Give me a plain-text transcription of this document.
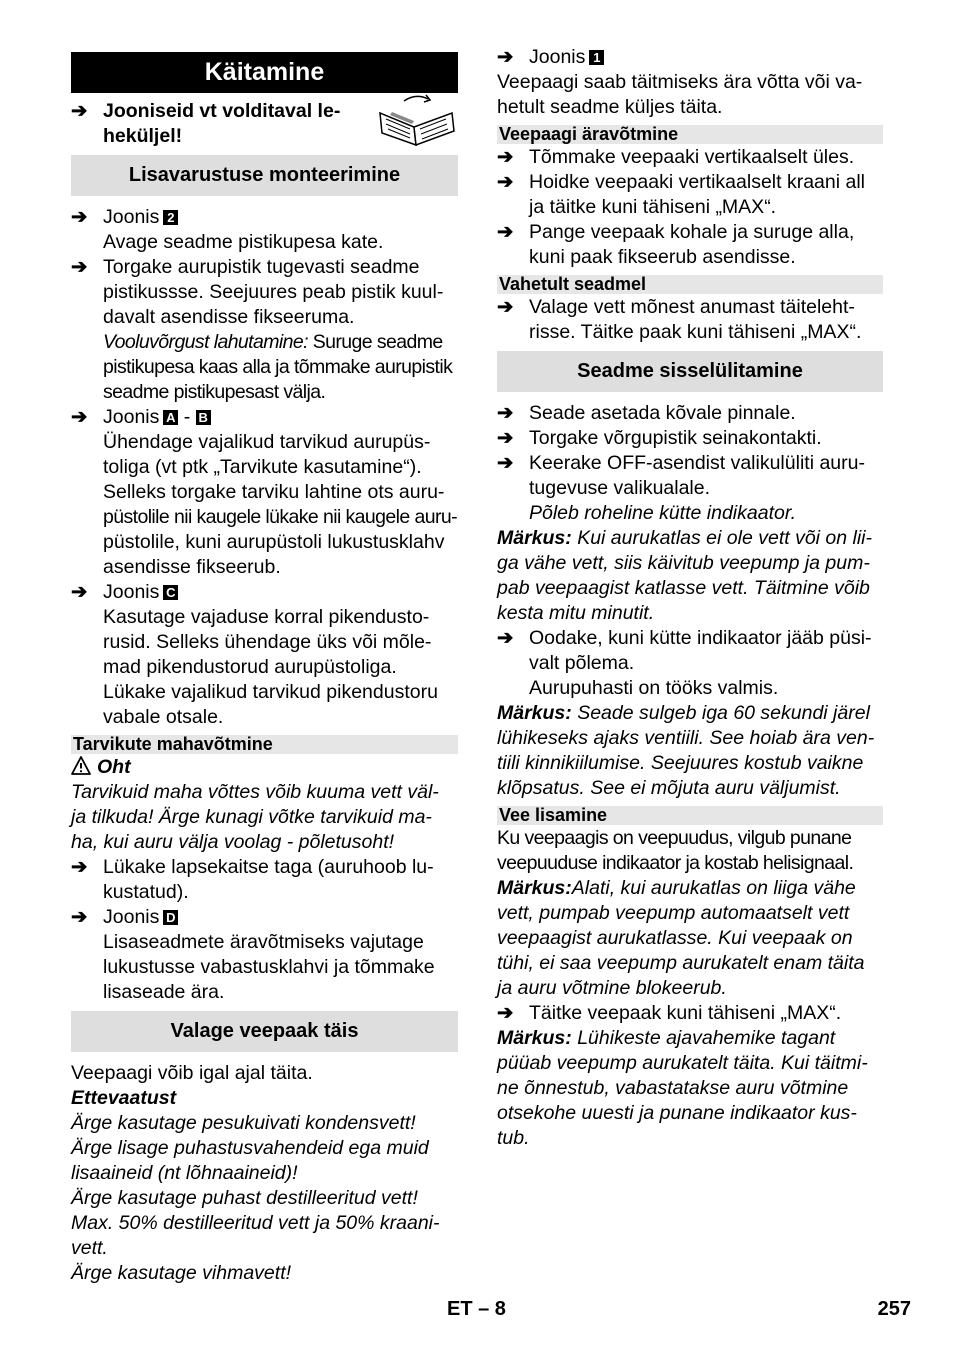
Käitamine
➔ Jooniseid vt volditaval le-
heküljel!
Lisavarustuse monteerimine
➔ Joonis 2
Avage seadme pistikupesa kate.
➔ Torgake aurupistik tugevasti seadme
pistikussse. Seejuures peab pistik kuul-
davalt asendisse fikseeruma.
Vooluvõrgust lahutamine: Suruge seadme
pistikupesa kaas alla ja tõmmake aurupistik
seadme pistikupesast välja.
➔ Joonis A - B
Ühendage vajalikud tarvikud aurupüs-
toliga (vt ptk „Tarvikute kasutamine“).
Selleks torgake tarviku lahtine ots auru-
püstolile nii kaugele lükake nii kaugele auru-
püstolile, kuni aurupüstoli lukustusklahv
asendisse fikseerub.
➔ Joonis C
Kasutage vajaduse korral pikendusto-
rusid. Selleks ühendage üks või mõle-
mad pikendustorud aurupüstoliga.
Lükake vajalikud tarvikud pikendustoru
vabale otsale.
Tarvikute mahavõtmine
Oht
Tarvikuid maha võttes võib kuuma vett väl-
ja tilkuda! Ärge kunagi võtke tarvikuid ma-
ha, kui auru välja voolag - põletusoht!
➔ Lükake lapsekaitse taga (auruhoob lu-
kustatud).
➔ Joonis D
Lisaseadmete äravõtmiseks vajutage
lukustusse vabastusklahvi ja tõmmake
lisaseade ära.
Valage veepaak täis
Veepaagi võib igal ajal täita.
Ettevaatust
Ärge kasutage pesukuivati kondensvett!
Ärge lisage puhastusvahendeid ega muid
lisaaineid (nt lõhnaaineid)!
Ärge kasutage puhast destilleeritud vett!
Max. 50% destilleeritud vett ja 50% kraani-
vett.
Ärge kasutage vihmavett!
➔ Joonis 1
Veepaagi saab täitmiseks ära võtta või va-
hetult seadme küljes täita.
Veepaagi äravõtmine
➔ Tõmmake veepaaki vertikaalselt üles.
➔ Hoidke veepaaki vertikaalselt kraani all
ja täitke kuni tähiseni „MAX“.
➔ Pange veepaak kohale ja suruge alla,
kuni paak fikseerub asendisse.
Vahetult seadmel
➔ Valage vett mõnest anumast täiteleht-
risse. Täitke paak kuni tähiseni „MAX“.
Seadme sisselülitamine
➔ Seade asetada kõvale pinnale.
➔ Torgake võrgupistik seinakontakti.
➔ Keerake OFF-asendist valikulüliti auru-
tugevuse valikualale.
Põleb roheline kütte indikaator.
Märkus: Kui aurukatlas ei ole vett või on lii-
ga vähe vett, siis käivitub veepump ja pum-
pab veepaagist katlasse vett. Täitmine võib
kesta mitu minutit.
➔ Oodake, kuni kütte indikaator jääb püsi-
valt põlema.
Aurupuhasti on tööks valmis.
Märkus: Seade sulgeb iga 60 sekundi järel
lühikeseks ajaks ventiili. See hoiab ära ven-
tiili kinnikiilumise. Seejuures kostub vaikne
klõpsatus. See ei mõjuta auru väljumist.
Vee lisamine
Ku veepaagis on veepuudus, vilgub punane
veepuuduse indikaator ja kostab helisignaal.
Märkus:Alati, kui aurukatlas on liiga vähe
vett, pumpab veepump automaatselt vett
veepaagist aurukatlasse. Kui veepaak on
tühi, ei saa veepump aurukatelt enam täita
ja auru võtmine blokeerub.
➔ Täitke veepaak kuni tähiseni „MAX“.
Märkus: Lühikeste ajavahemike tagant
püüab veepump aurukatelt täita. Kui täitmi-
ne õnnestub, vabastatakse auru võtmine
otsekohe uuesti ja punane indikaator kus-
tub.
ET – 8	257
